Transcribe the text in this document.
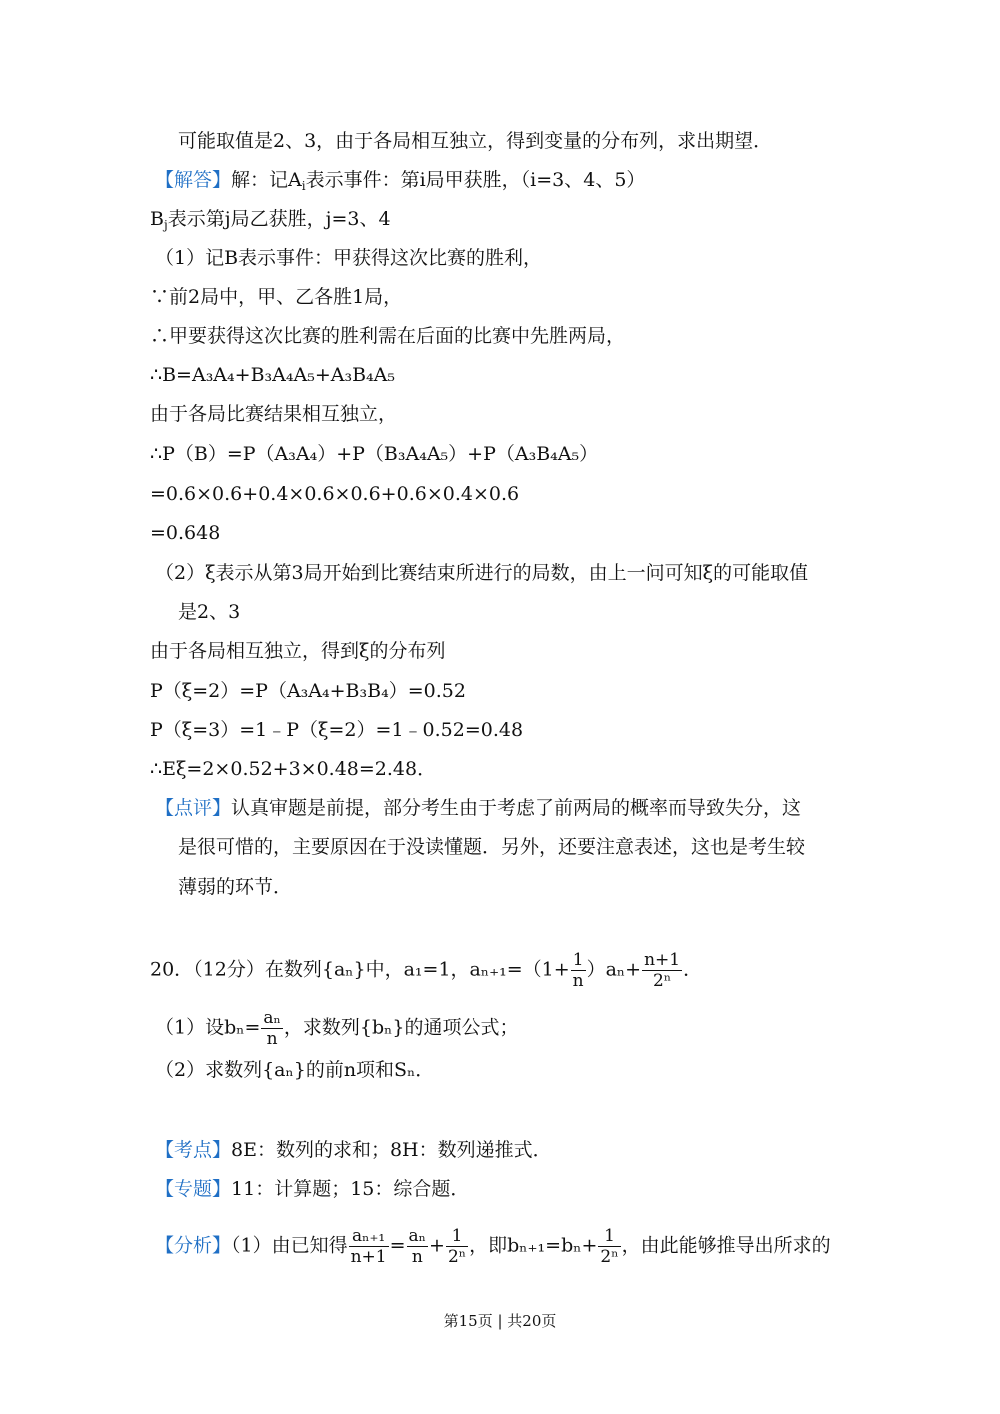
可能取值是2、3，由于各局相互独立，得到变量的分布列，求出期望．
【解答】解：记$A_i$表示事件：第i局甲获胜，（i=3、4、5）
$B_j$表示第j局乙获胜，j=3、4
（1）记B表示事件：甲获得这次比赛的胜利，
∵前2局中，甲、乙各胜1局，
∴甲要获得这次比赛的胜利需在后面的比赛中先胜两局，
∴B=A₃A₄+B₃A₄A₅+A₃B₄A₅
由于各局比赛结果相互独立，
∴P（B）=P（A₃A₄）+P（B₃A₄A₅）+P（A₃B₄A₅）
=0.6×0.6+0.4×0.6×0.6+0.6×0.4×0.6
=0.648
（2）ξ表示从第3局开始到比赛结束所进行的局数，由上一问可知ξ的可能取值
是2、3
由于各局相互独立，得到ξ的分布列
P（ξ=2）=P（A₃A₄+B₃B₄）=0.52
P（ξ=3）=1﹣P（ξ=2）=1﹣0.52=0.48
∴Eξ=2×0.52+3×0.48=2.48．
【点评】认真审题是前提，部分考生由于考虑了前两局的概率而导致失分，这
是很可惜的，主要原因在于没读懂题．另外，还要注意表述，这也是考生较
薄弱的环节．
20．（12分）在数列{aₙ}中，a₁=1，$a_{n+1}=(1+ \frac{1}{n} )a_n+ \frac{n+1}{\text{2ⁿ}}$ ．
（1）设$b_n= \frac{\text{aₙ}}{n}$ ，求数列{bₙ}的通项公式；
（2）求数列{aₙ}的前n项和Sₙ．
【考点】8E：数列的求和；8H：数列递推式．
【专题】11：计算题；15：综合题．
【分析】（1）由已知得 $\frac{\text{aₙ₊₁}}{n+1} = \frac{\text{aₙ}}{n} + \frac{1}{\text{2ⁿ}}$ ，即$b_{n+1}=b_n+ \frac{1}{\text{2ⁿ}}$ ，由此能够推导出所求的
第15页 | 共20页
